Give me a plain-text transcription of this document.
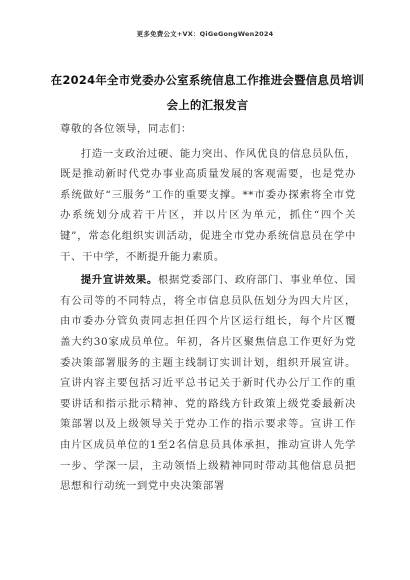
更多免费公文+VX：QiGeGongWen2024
在2024年全市党委办公室系统信息工作推进会暨信息员培训会上的汇报发言

尊敬的各位领导，同志们：

打造一支政治过硬、能力突出、作风优良的信息员队伍，既是推动新时代党办事业高质量发展的客观需要，也是党办系统做好“三服务”工作的重要支撑。**市委办探索将全市党办系统划分成若干片区，并以片区为单元，抓住“四个关键”，常态化组织实训活动，促进全市党办系统信息员在学中干、干中学，不断提升能力素质。

提升宣讲效果。根据党委部门、政府部门、事业单位、国有公司等的不同特点，将全市信息员队伍划分为四大片区，由市委办分管负责同志担任四个片区运行组长，每个片区覆盖大约30家成员单位。年初，各片区聚焦信息工作更好为党委决策部署服务的主题主线制订实训计划，组织开展宣讲。宣讲内容主要包括习近平总书记关于新时代办公厅工作的重要讲话和指示批示精神、党的路线方针政策上级党委最新决策部署以及上级领导关于党办工作的指示要求等。宣讲工作由片区成员单位的1至2名信息员具体承担，推动宣讲人先学一步、学深一层，主动领悟上级精神同时带动其他信息员把思想和行动统一到党中央决策部署
